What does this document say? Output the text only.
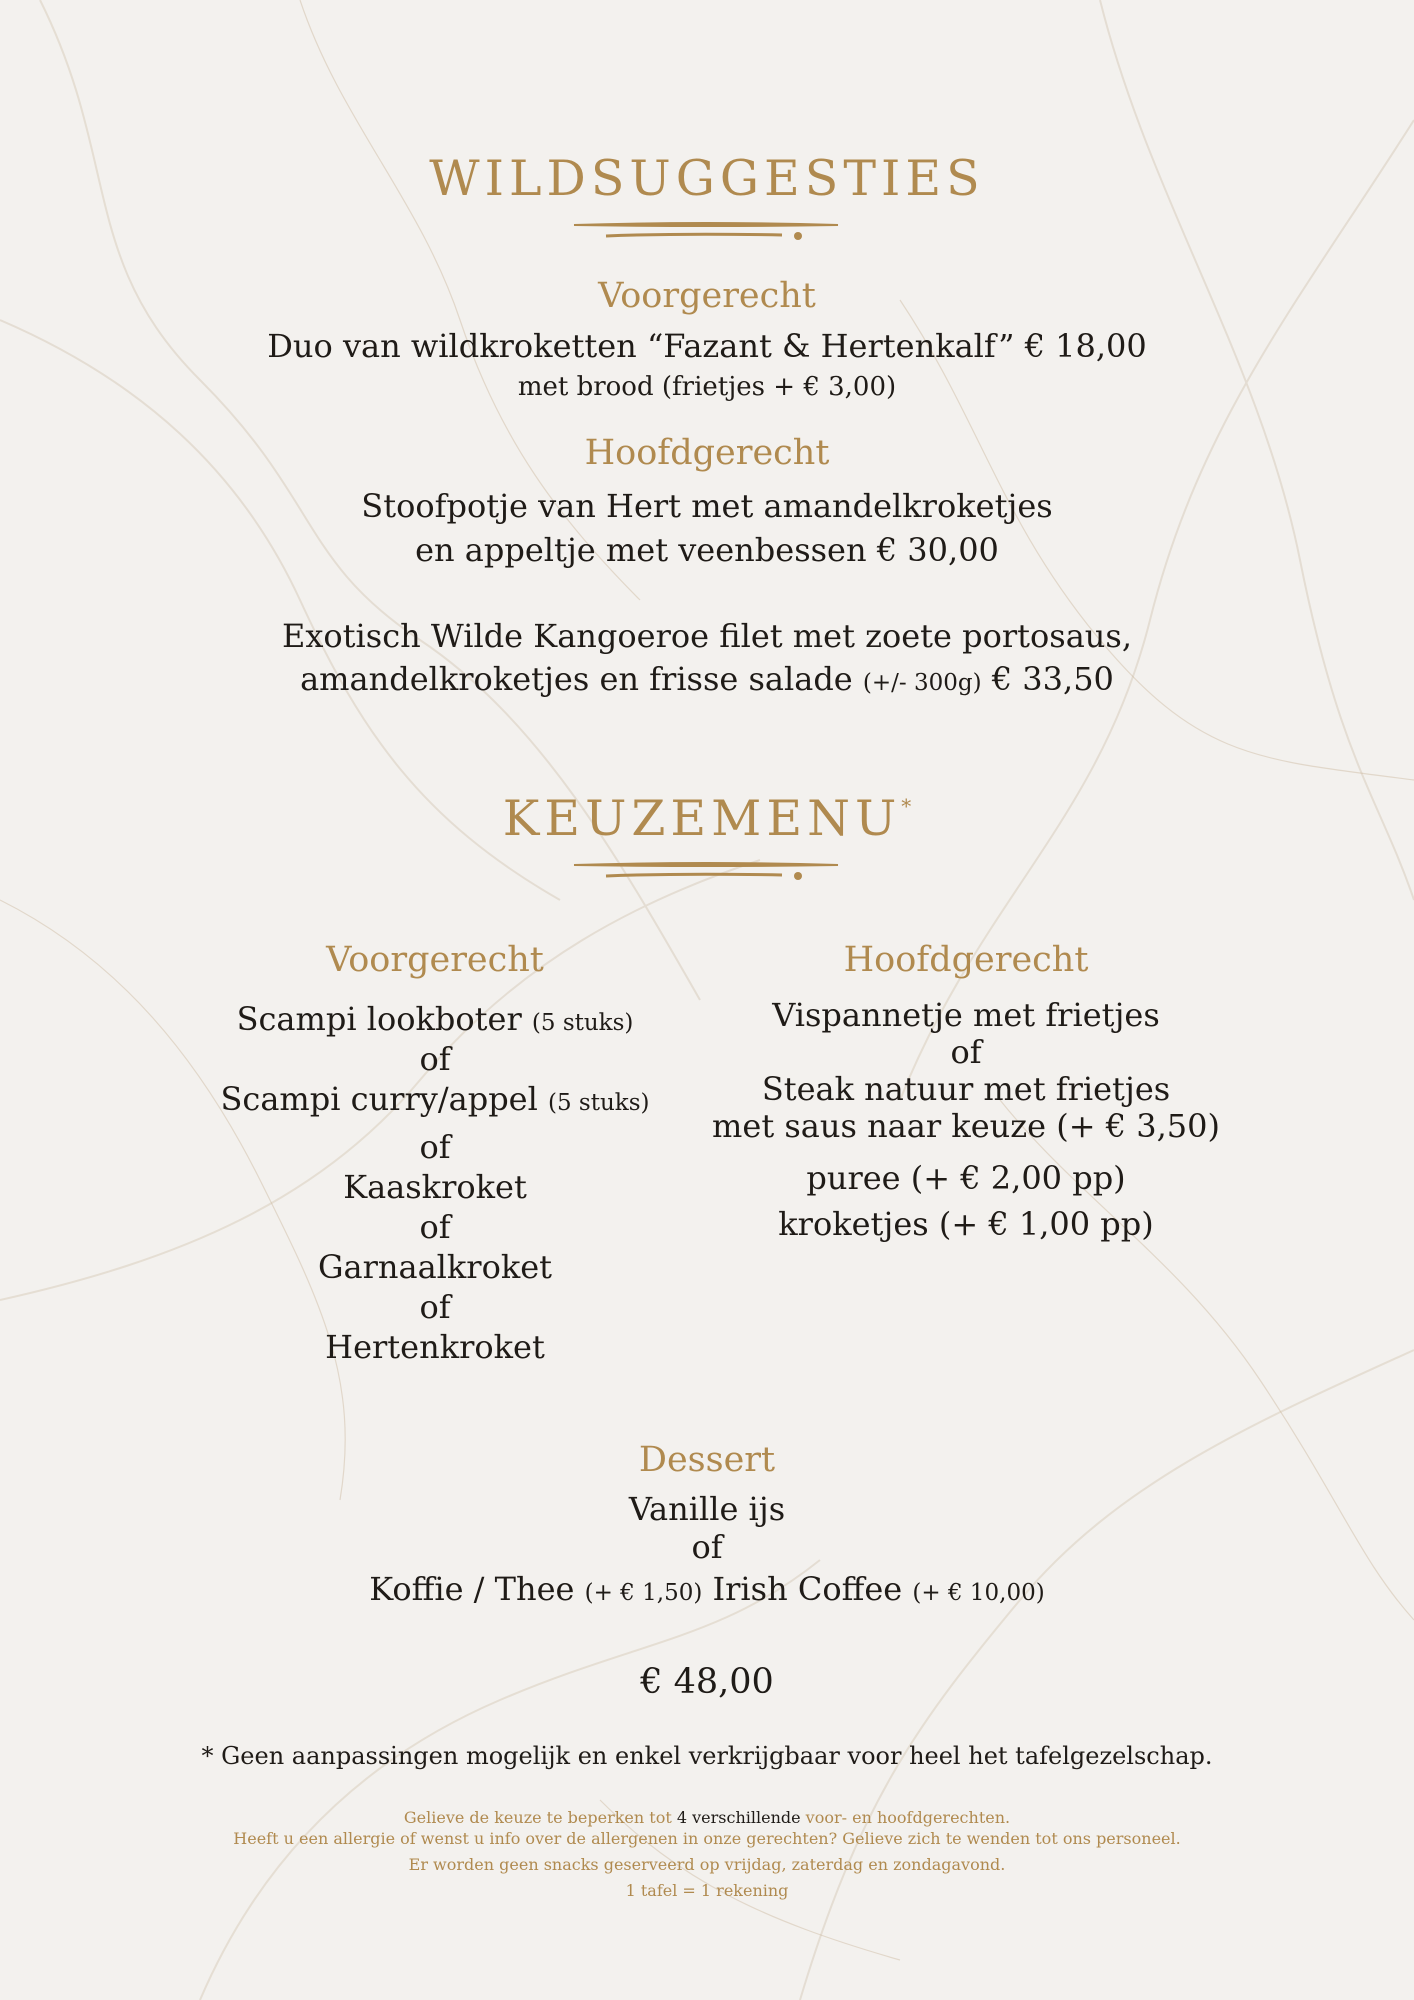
WILDSUGGESTIES
Voorgerecht
Duo van wildkroketten “Fazant & Hertenkalf” € 18,00
met brood (frietjes + € 3,00)
Hoofdgerecht
Stoofpotje van Hert met amandelkroketjes
en appeltje met veenbessen € 30,00
Exotisch Wilde Kangoeroe filet met zoete portosaus,
amandelkroketjes en frisse salade (+/- 300g) € 33,50
KEUZEMENU*
Voorgerecht
Scampi lookboter (5 stuks)
of
Scampi curry/appel (5 stuks)
of
Kaaskroket
of
Garnaalkroket
of
Hertenkroket
Hoofdgerecht
Vispannetje met frietjes
of
Steak natuur met frietjes
met saus naar keuze (+ € 3,50)
puree (+ € 2,00 pp)
kroketjes (+ € 1,00 pp)
Dessert
Vanille ijs
of
Koffie / Thee (+ € 1,50) Irish Coffee (+ € 10,00)
€ 48,00
* Geen aanpassingen mogelijk en enkel verkrijgbaar voor heel het tafelgezelschap.
Gelieve de keuze te beperken tot 4 verschillende voor- en hoofdgerechten.
Heeft u een allergie of wenst u info over de allergenen in onze gerechten? Gelieve zich te wenden tot ons personeel.
Er worden geen snacks geserveerd op vrijdag, zaterdag en zondagavond.
1 tafel = 1 rekening
